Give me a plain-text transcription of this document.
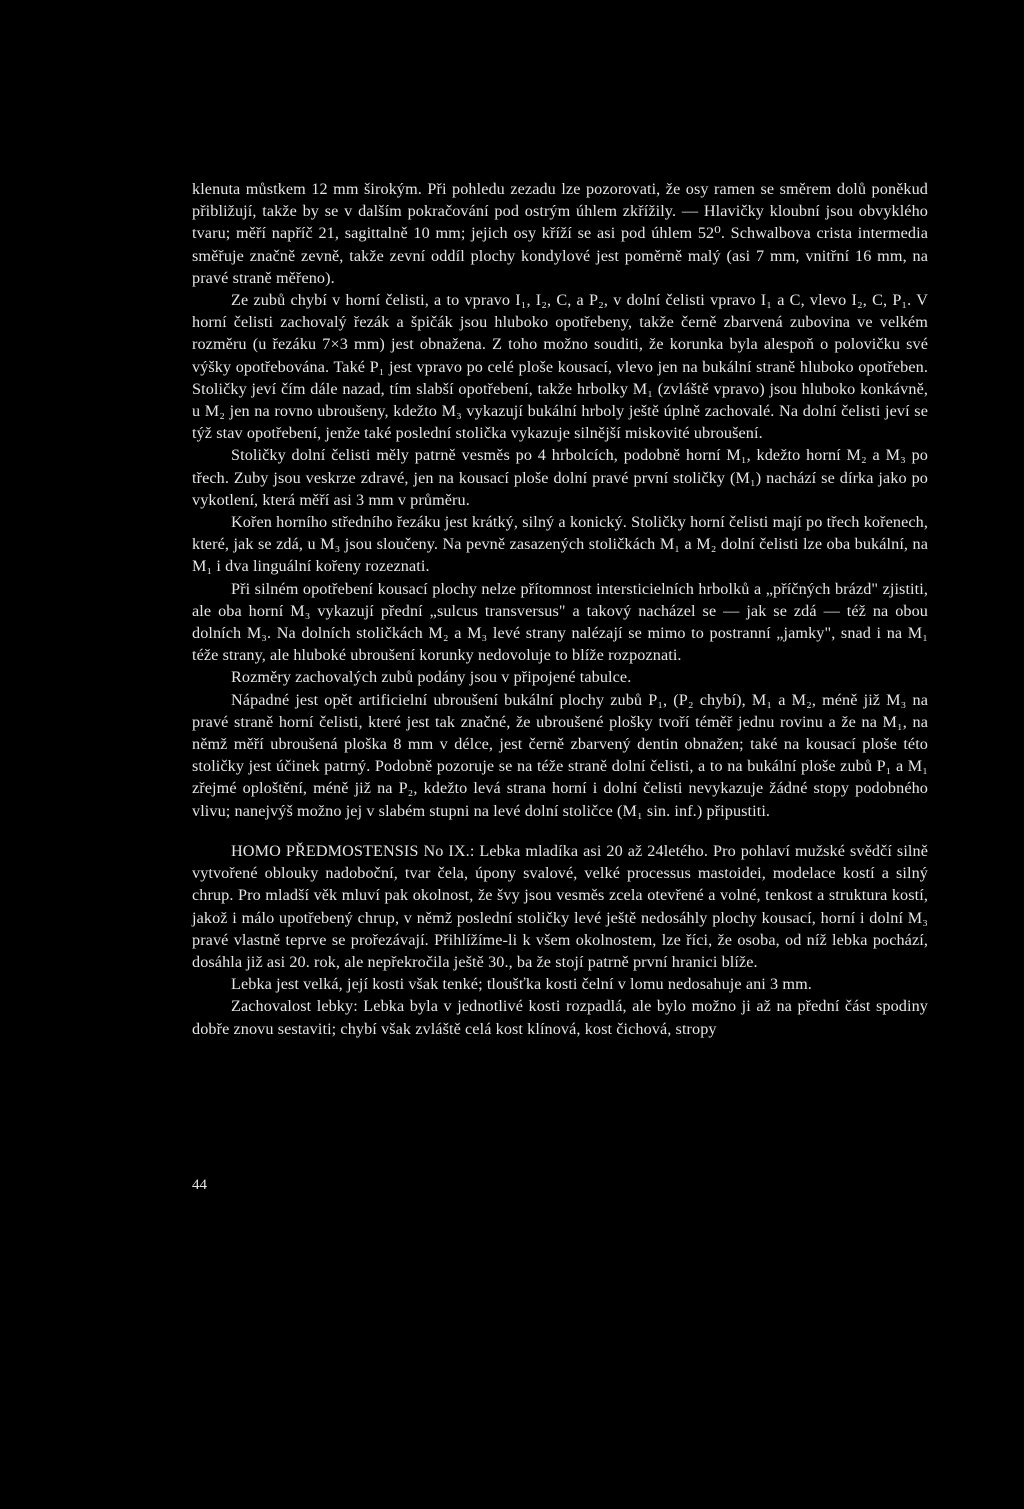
klenuta můstkem 12 mm širokým. Při pohledu zezadu lze pozorovati, že osy ramen se směrem dolů poněkud přibližují, takže by se v dalším pokračování pod ostrým úhlem zkřížily. — Hlavičky kloubní jsou obvyklého tvaru; měří napříč 21, sagittalně 10 mm; jejich osy kříží se asi pod úhlem 52⁰. Schwalbova crista intermedia směřuje značně zevně, takže zevní oddíl plochy kondylové jest poměrně malý (asi 7 mm, vnitřní 16 mm, na pravé straně měřeno).

Ze zubů chybí v horní čelisti, a to vpravo I₁, I₂, C, a P₂, v dolní čelisti vpravo I₁ a C, vlevo I₂, C, P₁. V horní čelisti zachovalý řezák a špičák jsou hluboko opotřebeny, takže černě zbarvená zubovina ve velkém rozměru (u řezáku 7×3 mm) jest obnažena. Z toho možno souditi, že korunka byla alespoň o polovičku své výšky opotřebována. Také P₁ jest vpravo po celé ploše kousací, vlevo jen na bukální straně hluboko opotřeben. Stoličky jeví čím dále nazad, tím slabší opotřebení, takže hrbolky M₁ (zvláště vpravo) jsou hluboko konkávně, u M₂ jen na rovno ubroušeny, kdežto M₃ vykazují bukální hrboly ještě úplně zachovalé. Na dolní čelisti jeví se týž stav opotřebení, jenže také poslední stolička vykazuje silnější miskovité ubroušení.

Stoličky dolní čelisti měly patrně vesměs po 4 hrbolcích, podobně horní M₁, kdežto horní M₂ a M₃ po třech. Zuby jsou veskrze zdravé, jen na kousací ploše dolní pravé první stoličky (M₁) nachází se dírka jako po vykotlení, která měří asi 3 mm v průměru.

Kořen horního středního řezáku jest krátký, silný a konický. Stoličky horní čelisti mají po třech kořenech, které, jak se zdá, u M₃ jsou sloučeny. Na pevně zasazených stoličkách M₁ a M₂ dolní čelisti lze oba bukální, na M₁ i dva linguální kořeny rozeznati.

Při silném opotřebení kousací plochy nelze přítomnost intersticielních hrbolků a „příčných brázd" zjistiti, ale oba horní M₃ vykazují přední „sulcus transversus" a takový nacházel se — jak se zdá — též na obou dolních M₃. Na dolních stoličkách M₂ a M₃ levé strany nalézají se mimo to postranní „jamky", snad i na M₁ téže strany, ale hluboké ubroušení korunky nedovoluje to blíže rozpoznati.

Rozměry zachovalých zubů podány jsou v připojené tabulce.

Nápadné jest opět artificielní ubroušení bukální plochy zubů P₁, (P₂ chybí), M₁ a M₂, méně již M₃ na pravé straně horní čelisti, které jest tak značné, že ubroušené plošky tvoří téměř jednu rovinu a že na M₁, na němž měří ubroušená ploška 8 mm v délce, jest černě zbarvený dentin obnažen; také na kousací ploše této stoličky jest účinek patrný. Podobně pozoruje se na téže straně dolní čelisti, a to na bukální ploše zubů P₁ a M₁ zřejmé oploštění, méně již na P₂, kdežto levá strana horní i dolní čelisti nevykazuje žádné stopy podobného vlivu; nanejvýš možno jej v slabém stupni na levé dolní stoličce (M₁ sin. inf.) připustiti.

HOMO PŘEDMOSTENSIS No IX.: Lebka mladíka asi 20 až 24letého. Pro pohlaví mužské svědčí silně vytvořené oblouky nadoboční, tvar čela, úpony svalové, velké processus mastoidei, modelace kostí a silný chrup. Pro mladší věk mluví pak okolnost, že švy jsou vesměs zcela otevřené a volné, tenkost a struktura kostí, jakož i málo upotřebený chrup, v němž poslední stoličky levé ještě nedosáhly plochy kousací, horní i dolní M₃ pravé vlastně teprve se prořezávají. Přihlížíme-li k všem okolnostem, lze říci, že osoba, od níž lebka pochází, dosáhla již asi 20. rok, ale nepřekročila ještě 30., ba že stojí patrně první hranici blíže.

Lebka jest velká, její kosti však tenké; tloušťka kosti čelní v lomu nedosahuje ani 3 mm.

Zachovalost lebky: Lebka byla v jednotlivé kosti rozpadlá, ale bylo možno ji až na přední část spodiny dobře znovu sestaviti; chybí však zvláště celá kost klínová, kost čichová, stropy

44
